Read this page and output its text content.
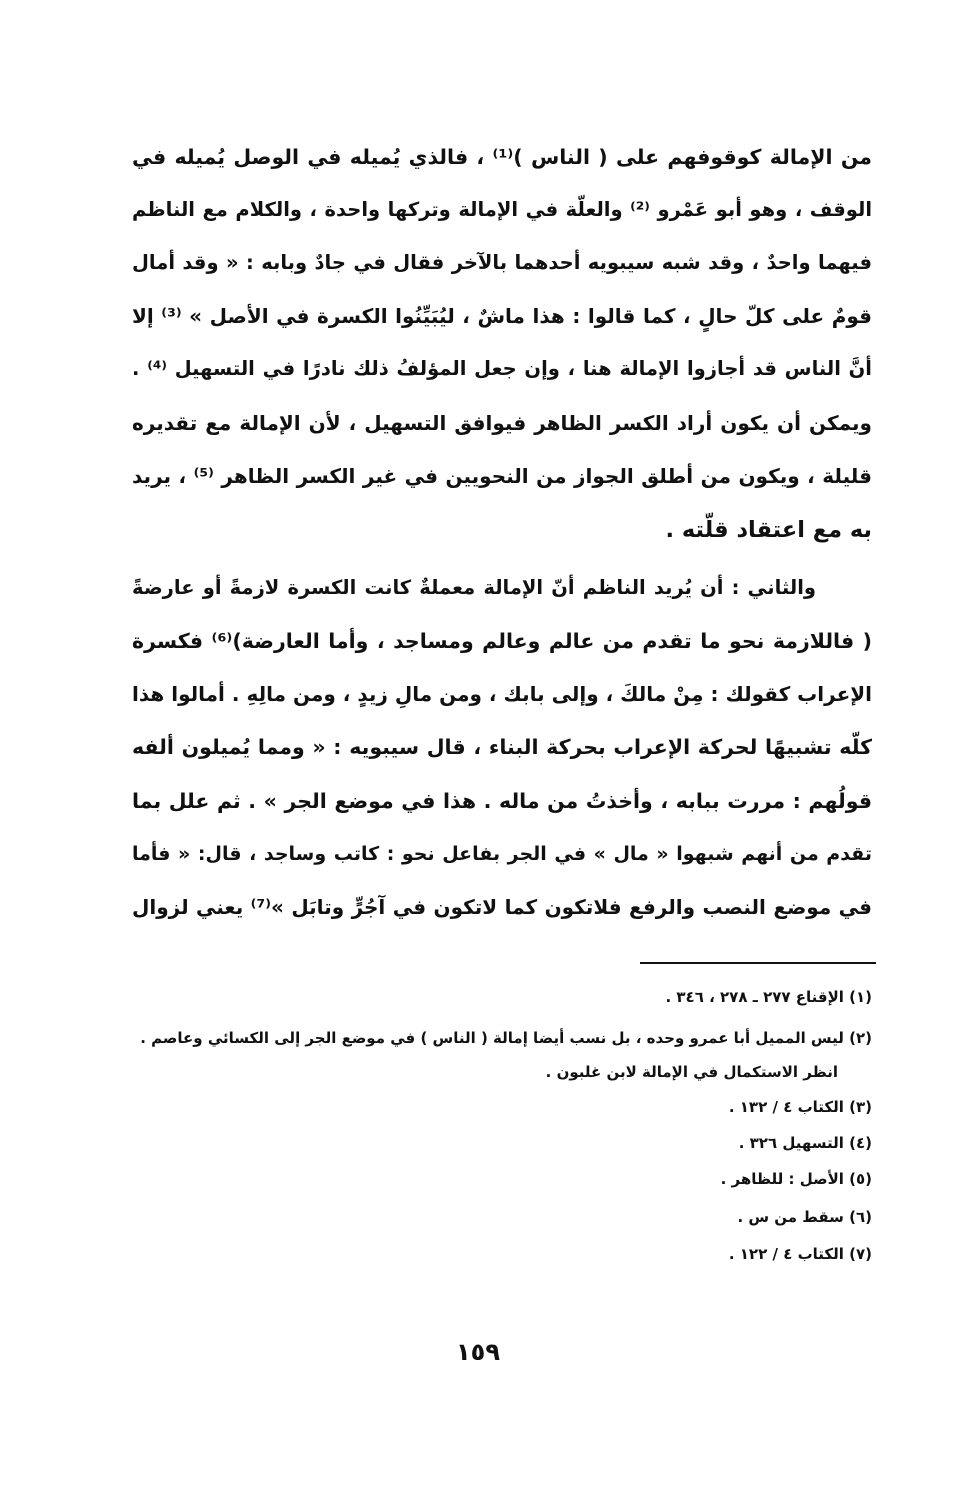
من الإمالة كوقوفهم على ( الناس )⁽¹⁾ ، فالذي يُميله في الوصل يُميله في
الوقف ، وهو أبو عَمْرو ⁽²⁾ والعلّة في الإمالة وتركها واحدة ، والكلام مع الناظم
فيهما واحدٌ ، وقد شبه سيبويه أحدهما بالآخر فقال في جادٌ وبابه : « وقد أمال
قومٌ على كلّ حالٍ ، كما قالوا : هذا ماشٌ ، ليُبَيِّنُوا الكسرة في الأصل » ⁽³⁾ إلا
أنَّ الناس قد أجازوا الإمالة هنا ، وإن جعل المؤلفُ ذلك نادرًا في التسهيل ⁽⁴⁾ .
ويمكن أن يكون أراد الكسر الظاهر فيوافق التسهيل ، لأن الإمالة مع تقديره
قليلة ، ويكون من أطلق الجواز من النحويين في غير الكسر الظاهر ⁽⁵⁾ ، يريد
به مع اعتقاد قلّته .
والثاني : أن يُريد الناظم أنّ الإمالة معملةٌ كانت الكسرة لازمةً أو عارضةً
( فاللازمة نحو ما تقدم من عالم وعالم ومساجد ، وأما العارضة)⁽⁶⁾ فكسرة
الإعراب كقولك : مِنْ مالكَ ، وإلى بابك ، ومن مالِ زيدٍ ، ومن مالِهِ . أمالوا هذا
كلّه تشبيهًا لحركة الإعراب بحركة البناء ، قال سيبويه : « ومما يُميلون ألفه
قولُهم : مررت ببابه ، وأخذتُ من ماله . هذا في موضع الجر » . ثم علل بما
تقدم من أنهم شبهوا « مال » في الجر بفاعل نحو : كاتب وساجد ، قال: « فأما
في موضع النصب والرفع فلاتكون كما لاتكون في آجُرٍّ وتابَل »⁽⁷⁾ يعني لزوال
(١) الإقناع ٢٧٧ ـ ٢٧٨ ، ٣٤٦ .
(٢) ليس المميل أبا عمرو وحده ، بل نسب أيضا إمالة ( الناس ) في موضع الجر إلى الكسائي وعاصم .
انظر الاستكمال في الإمالة لابن غلبون .
(٣) الكتاب ٤ / ١٣٢ .
(٤) التسهيل ٣٢٦ .
(٥) الأصل : للظاهر .
(٦) سقط من س .
(٧) الكتاب ٤ / ١٢٢ .
١٥٩
